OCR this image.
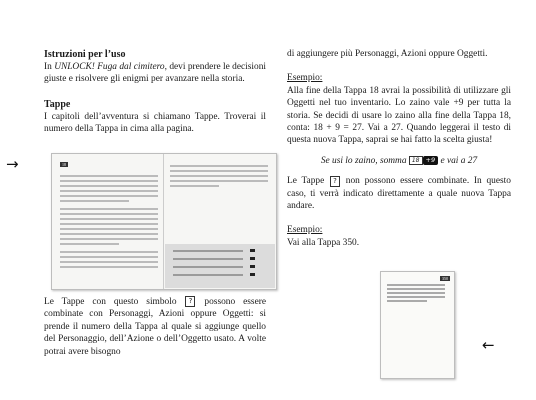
Istruzioni per l’uso

In UNLOCK! Fuga dal cimitero, devi prendere le decisioni giuste e risolvere gli enigmi per avanzare nella storia.

Tappe

I capitoli dell’avventura si chiamano Tappe. Troverai il numero della Tappa in cima alla pagina.

→	18

Le Tappe con questo simbolo ? possono essere combinate con Personaggi, Azioni oppure Oggetti: si prende il numero della Tappa al quale si aggiunge quello del Personaggio, dell’Azione o dell’Oggetto usato. A volte potrai avere bisogno

di aggiungere più Personaggi, Azioni oppure Oggetti.

Esempio:

Alla fine della Tappa 18 avrai la possibilità di utilizzare gli Oggetti nel tuo inventario. Lo zaino vale +9 per tutta la storia. Se decidi di usare lo zaino alla fine della Tappa 18, conta: 18 + 9 = 27. Vai a 27. Quando leggerai il testo di questa nuova Tappa, saprai se hai fatto la scelta giusta!

Se usi lo zaino, somma 18 +9 e vai a 27

Le Tappe ? non possono essere combinate. In questo caso, ti verrà indicato direttamente a quale nuova Tappa andare.

Esempio:

Vai alla Tappa 350.

350
←
